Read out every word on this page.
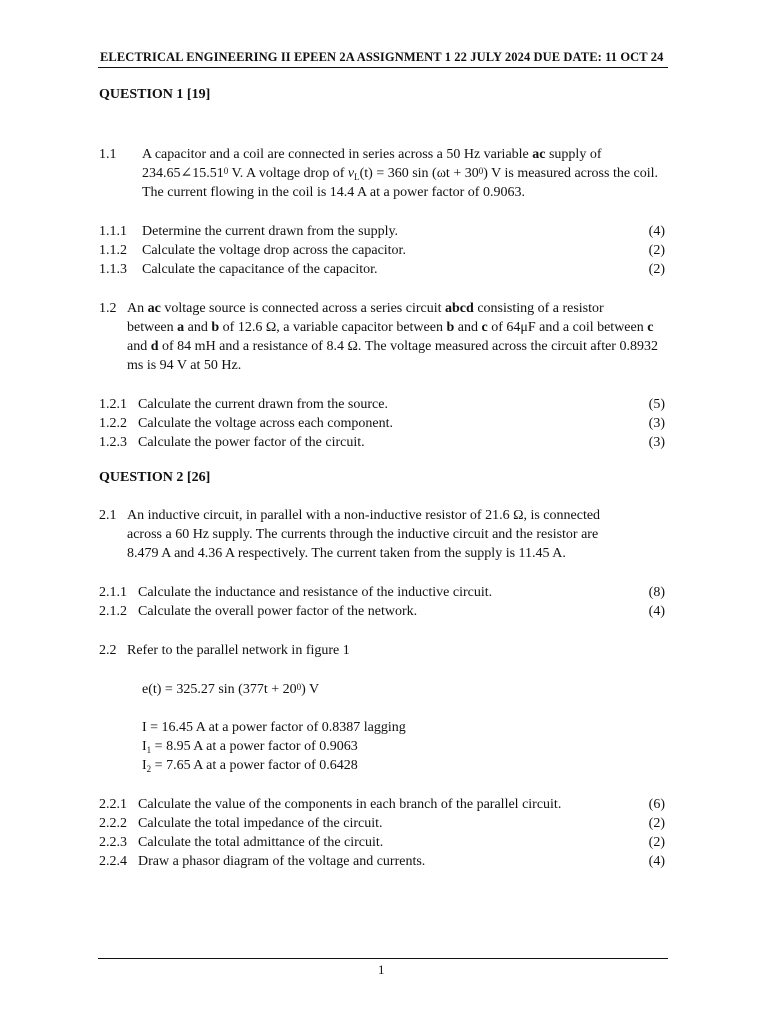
ELECTRICAL ENGINEERING II EPEEN 2A ASSIGNMENT 1 22 JULY 2024 DUE DATE: 11 OCT 24
QUESTION 1 [19]
1.1 A capacitor and a coil are connected in series across a 50 Hz variable ac supply of
234.65∠15.51$^0$ V. A voltage drop of $v_L(t) = 360$ $\sin (\omega t + 30^0)$ V is measured across the coil.
The current flowing in the coil is 14.4 A at a power factor of 0.9063.
1.1.1 Determine the current drawn from the supply.	(4)
1.1.2 Calculate the voltage drop across the capacitor.	(2)
1.1.3 Calculate the capacitance of the capacitor.	(2)
1.2 An ac voltage source is connected across a series circuit abcd consisting of a resistor
between a and b of 12.6 Ω, a variable capacitor between b and c of 64μF and a coil between c
and d of 84 mH and a resistance of 8.4 Ω. The voltage measured across the circuit after 0.8932
ms is 94 V at 50 Hz.
1.2.1 Calculate the current drawn from the source.	(5)
1.2.2 Calculate the voltage across each component.	(3)
1.2.3 Calculate the power factor of the circuit.	(3)
QUESTION 2 [26]
2.1 An inductive circuit, in parallel with a non-inductive resistor of 21.6 Ω, is connected
across a 60 Hz supply. The currents through the inductive circuit and the resistor are
8.479 A and 4.36 A respectively. The current taken from the supply is 11.45 A.
2.1.1 Calculate the inductance and resistance of the inductive circuit.	(8)
2.1.2 Calculate the overall power factor of the network.	(4)
2.2 Refer to the parallel network in figure 1
e(t) = 325.27 $\sin (377t + 20^0)$ V
I = 16.45 A at a power factor of 0.8387 lagging
$I_1 = 8.95$ A at a power factor of 0.9063
$I_2 = 7.65$ A at a power factor of 0.6428
2.2.1 Calculate the value of the components in each branch of the parallel circuit.	(6)
2.2.2 Calculate the total impedance of the circuit.	(2)
2.2.3 Calculate the total admittance of the circuit.	(2)
2.2.4 Draw a phasor diagram of the voltage and currents.	(4)
1
